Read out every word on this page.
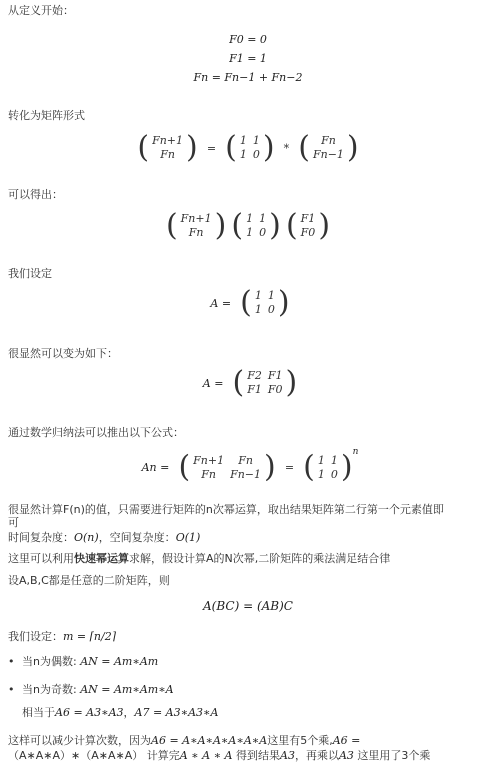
从定义开始：
F0 = 0
F1 = 1
Fn = Fn−1 + Fn−2
转化为矩阵形式
( Fn+1
Fn ) = ( 1	1
1	0 ) * ( Fn
Fn−1 )
可以得出：
( Fn+1
Fn ) ( 1	1
1	0 ) ( F1
F0 )
我们设定
A = ( 1	1
1	0 )
很显然可以变为如下：
A = ( F2	F1
F1	F0 )
通过数学归纳法可以推出以下公式：
An = ( Fn+1	Fn
Fn	Fn−1 ) = ( 1	1
1	0 )$^n$
很显然计算F(n)的值，只需要进行矩阵的n次幂运算，取出结果矩阵第二行第一个元素值即
可
时间复杂度：O(n)，空间复杂度：O(1)
这里可以利用快速幂运算求解，假设计算A的N次幂,二阶矩阵的乘法满足结合律
设A,B,C都是任意的二阶矩阵，则
A(BC) = (AB)C
我们设定：m = ⌈n/2⌉
• 当n为偶数: AN = Am∗Am
• 当n为奇数: AN = Am∗Am∗A
相当于A6 = A3∗A3，A7 = A3∗A3∗A
这样可以减少计算次数，因为A6 = A∗A∗A∗A∗A∗A这里有5个乘,A6 =
（A∗A∗A）∗（A∗A∗A） 计算完A ∗ A ∗ A 得到结果A3，再乘以A3 这里用了3个乘
